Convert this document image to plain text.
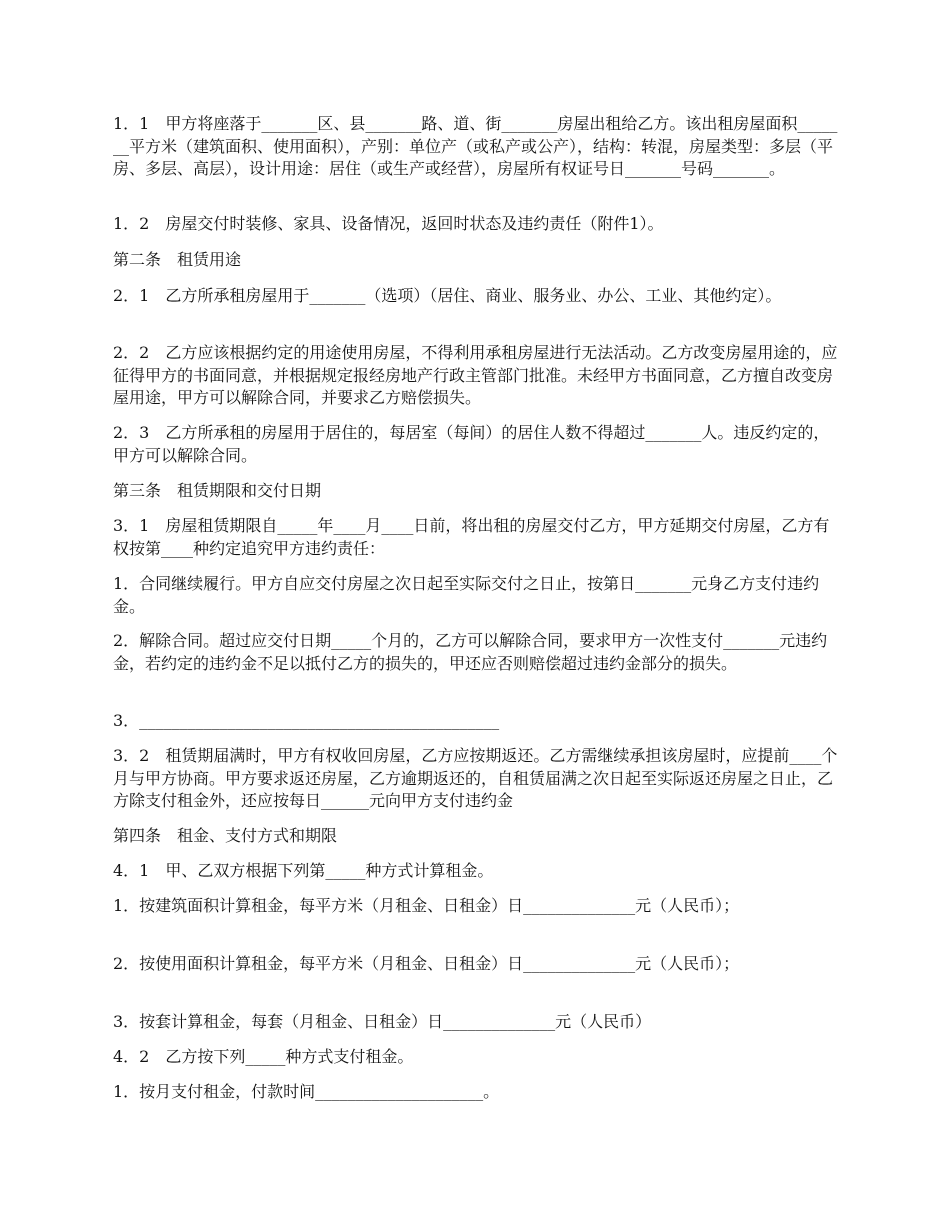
1．1　甲方将座落于_______区、县_______路、道、街_______房屋出租给乙方。该出租房屋面积_______平方米（建筑面积、使用面积），产别：单位产（或私产或公产），结构：转混，房屋类型：多层（平房、多层、高层），设计用途：居住（或生产或经营），房屋所有权证号日_______号码_______。

1．2　房屋交付时装修、家具、设备情况，返回时状态及违约责任（附件1）。

第二条　租赁用途

2．1　乙方所承租房屋用于_______（选项）（居住、商业、服务业、办公、工业、其他约定）。

2．2　乙方应该根据约定的用途使用房屋，不得利用承租房屋进行无法活动。乙方改变房屋用途的，应征得甲方的书面同意，并根据规定报经房地产行政主管部门批准。未经甲方书面同意，乙方擅自改变房屋用途，甲方可以解除合同，并要求乙方赔偿损失。

2．3　乙方所承租的房屋用于居住的，每居室（每间）的居住人数不得超过_______人。违反约定的，甲方可以解除合同。

第三条　租赁期限和交付日期

3．1　房屋租赁期限自_____年____月____日前，将出租的房屋交付乙方，甲方延期交付房屋，乙方有权按第____种约定追究甲方违约责任：

1．合同继续履行。甲方自应交付房屋之次日起至实际交付之日止，按第日_______元身乙方支付违约金。

2．解除合同。超过应交付日期_____个月的，乙方可以解除合同，要求甲方一次性支付_______元违约金，若约定的违约金不足以抵付乙方的损失的，甲还应否则赔偿超过违约金部分的损失。

3．_____________________________________________

3．2　租赁期届满时，甲方有权收回房屋，乙方应按期返还。乙方需继续承担该房屋时，应提前____个月与甲方协商。甲方要求返还房屋，乙方逾期返还的，自租赁届满之次日起至实际返还房屋之日止，乙方除支付租金外，还应按每日______元向甲方支付违约金

第四条　租金、支付方式和期限

4．1　甲、乙双方根据下列第_____种方式计算租金。

1．按建筑面积计算租金，每平方米（月租金、日租金）日______________元（人民币）；

2．按使用面积计算租金，每平方米（月租金、日租金）日______________元（人民币）；

3．按套计算租金，每套（月租金、日租金）日______________元（人民币）

4．2　乙方按下列_____种方式支付租金。

1．按月支付租金，付款时间_____________________。
